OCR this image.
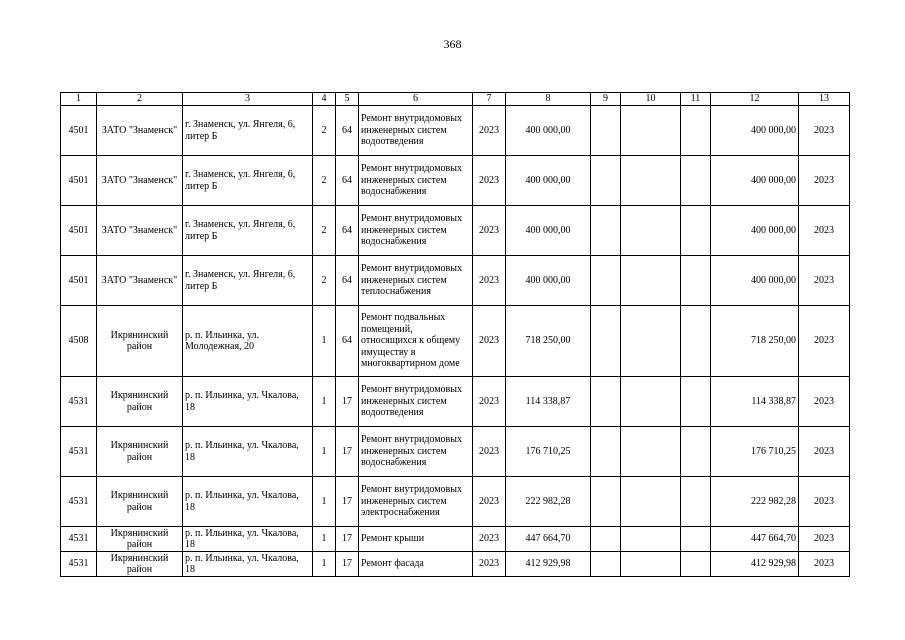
368
1	2	3	4	5	6	7	8	9	10	11	12	13
4501	ЗАТО "Знаменск"	г. Знаменск, ул. Янгеля, 6, литер Б	2	64	Ремонт внутридомовых инженерных систем водоотведения	2023	400 000,00				400 000,00	2023
4501	ЗАТО "Знаменск"	г. Знаменск, ул. Янгеля, 6, литер Б	2	64	Ремонт внутридомовых инженерных систем водоснабжения	2023	400 000,00				400 000,00	2023
4501	ЗАТО "Знаменск"	г. Знаменск, ул. Янгеля, 6, литер Б	2	64	Ремонт внутридомовых инженерных систем водоснабжения	2023	400 000,00				400 000,00	2023
4501	ЗАТО "Знаменск"	г. Знаменск, ул. Янгеля, 6, литер Б	2	64	Ремонт внутридомовых инженерных систем теплоснабжения	2023	400 000,00				400 000,00	2023
4508	Икрянинский район	р. п. Ильинка, ул. Молодежная, 20	1	64	Ремонт подвальных помещений, относящихся к общему имуществу в многоквартирном доме	2023	718 250,00				718 250,00	2023
4531	Икрянинский район	р. п. Ильинка, ул. Чкалова, 18	1	17	Ремонт внутридомовых инженерных систем водоотведения	2023	114 338,87				114 338,87	2023
4531	Икрянинский район	р. п. Ильинка, ул. Чкалова, 18	1	17	Ремонт внутридомовых инженерных систем водоснабжения	2023	176 710,25				176 710,25	2023
4531	Икрянинский район	р. п. Ильинка, ул. Чкалова, 18	1	17	Ремонт внутридомовых инженерных систем электроснабжения	2023	222 982,28				222 982,28	2023
4531	Икрянинский район	р. п. Ильинка, ул. Чкалова, 18	1	17	Ремонт крыши	2023	447 664,70				447 664,70	2023
4531	Икрянинский район	р. п. Ильинка, ул. Чкалова, 18	1	17	Ремонт фасада	2023	412 929,98				412 929,98	2023
